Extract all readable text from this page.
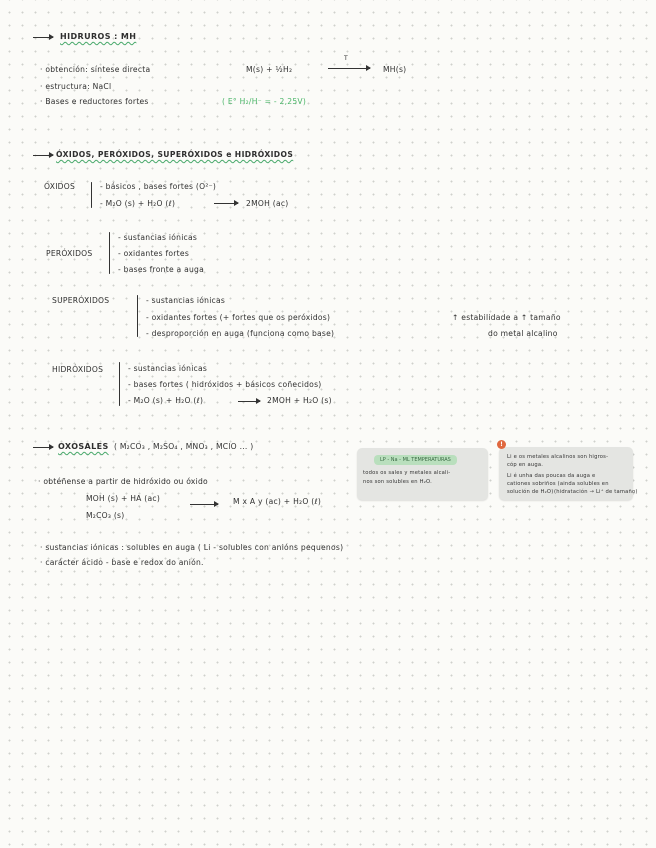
HIDRUROS : MH
· obtención: síntese directa	M(s) + ½H₂
T
→ MH(s)
· estructura: NaCl
· Bases e reductores fortes	( E° H₂/H⁻ = - 2,25V)
ÓXIDOS, PERÓXIDOS, SUPERÓXIDOS e HIDRÓXIDOS
ÓXIDOS	- básicos , bases fortes (O²⁻)
- M₂O (s) + H₂O (ℓ) → 2MOH (ac)
PERÓXIDOS
- sustancias iónicas
- oxidantes fortes
- bases fronte a auga
SUPERÓXIDOS	- sustancias iónicas
- oxidantes fortes (+ fortes que os peróxidos)
- desproporción en auga (funciona como base)
↑ estabilidade a ↑ tamaño
do metal alcalino
HIDRÓXIDOS	- sustancias iónicas
- bases fortes ( hidróxidos + básicos coñecidos)
- M₂O (s) + H₂O (ℓ) → 2MOH + H₂O (s)
OXOSALES ( M₂CO₃ , M₂SO₄ , MNO₃ , MClO ... )
· obtéñense a partir de hidróxido ou óxido
MOH (s) + HA (ac) → M x A y (ac) + H₂O (ℓ)
M₂CO₃ (s)
· sustancias iónicas : solubles en auga ( Li - solubles con anións pequenos)
· carácter ácido - base e redox do anión.
LP - Na - ML TEMPERATURAS
todos os sales y metales alcali-
nos son solubles en H₂O.
Li e os metales alcalinos son higros-
cóp en auga.
Li é unha das poucas da auga e
cationes sobriños (ainda solubles en
solución de H₂O) (hidratación → Li⁺ de tamaño)
!
